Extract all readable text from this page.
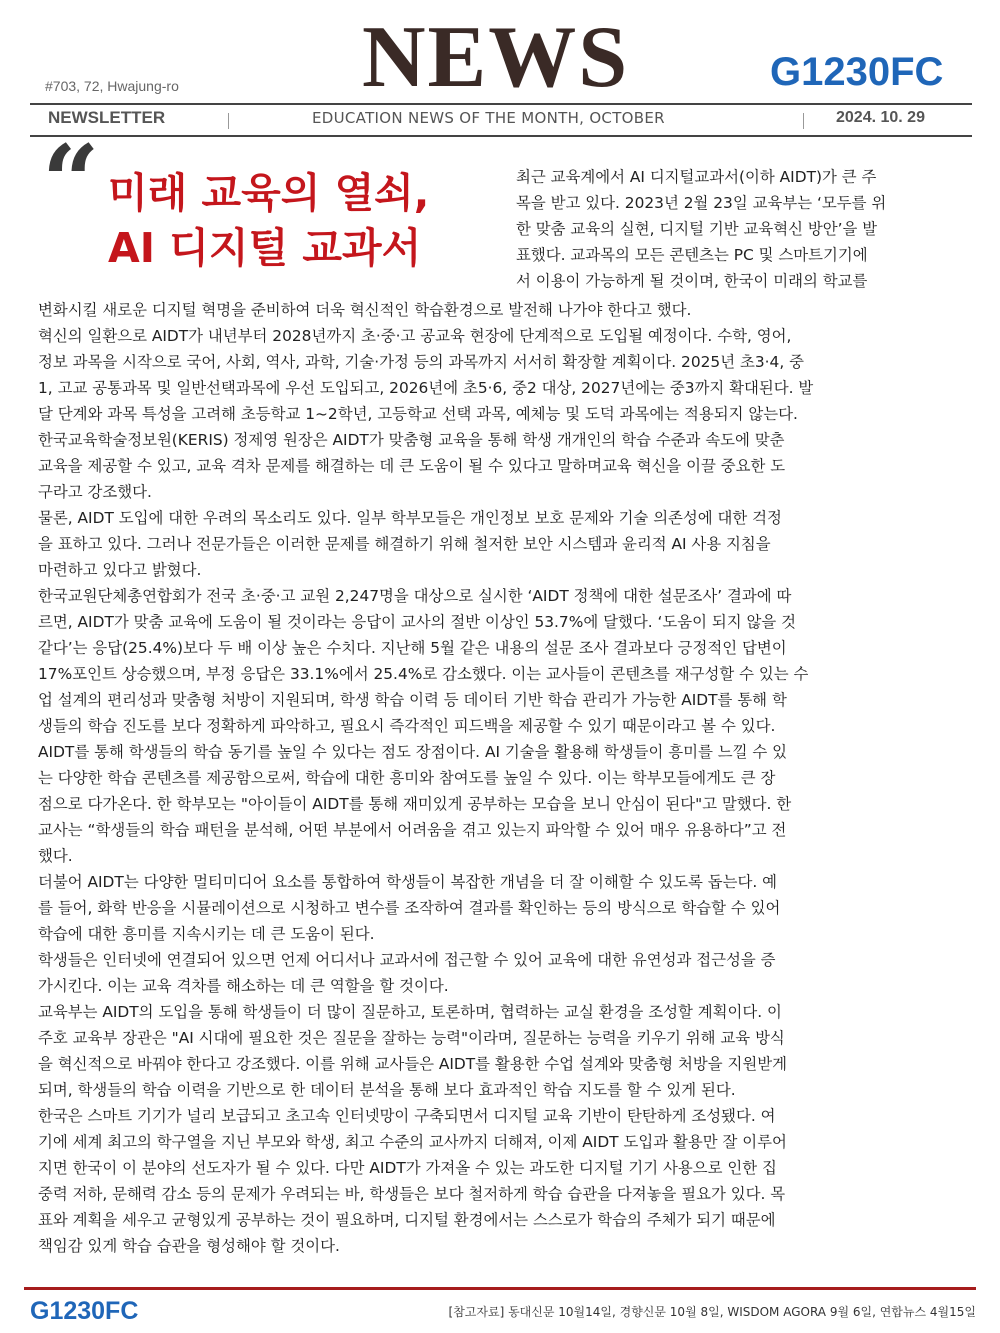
#703, 72, Hwajung-ro NEWS	G1230FC
NEWSLETTER	EDUCATION NEWS OF THE MONTH, OCTOBER	2024. 10. 29
“ 미래 교육의 열쇠,
AI 디지털 교과서
최근 교육계에서 AI 디지털교과서(이하 AIDT)가 큰 주
목을 받고 있다. 2023년 2월 23일 교육부는 ‘모두를 위
한 맞춤 교육의 실현, 디지털 기반 교육혁신 방안’을 발
표했다. 교과목의 모든 콘텐츠는 PC 및 스마트기기에
서 이용이 가능하게 될 것이며, 한국이 미래의 학교를
변화시킬 새로운 디지털 혁명을 준비하여 더욱 혁신적인 학습환경으로 발전해 나가야 한다고 했다.
혁신의 일환으로 AIDT가 내년부터 2028년까지 초·중·고 공교육 현장에 단계적으로 도입될 예정이다. 수학, 영어,
정보 과목을 시작으로 국어, 사회, 역사, 과학, 기술·가정 등의 과목까지 서서히 확장할 계획이다. 2025년 초3·4, 중
1, 고교 공통과목 및 일반선택과목에 우선 도입되고, 2026년에 초5·6, 중2 대상, 2027년에는 중3까지 확대된다. 발
달 단계와 과목 특성을 고려해 초등학교 1~2학년, 고등학교 선택 과목, 예체능 및 도덕 과목에는 적용되지 않는다.
한국교육학술정보원(KERIS) 정제영 원장은 AIDT가 맞춤형 교육을 통해 학생 개개인의 학습 수준과 속도에 맞춘
교육을 제공할 수 있고, 교육 격차 문제를 해결하는 데 큰 도움이 될 수 있다고 말하며교육 혁신을 이끌 중요한 도
구라고 강조했다.
물론, AIDT 도입에 대한 우려의 목소리도 있다. 일부 학부모들은 개인정보 보호 문제와 기술 의존성에 대한 걱정
을 표하고 있다. 그러나 전문가들은 이러한 문제를 해결하기 위해 철저한 보안 시스템과 윤리적 AI 사용 지침을
마련하고 있다고 밝혔다.
한국교원단체총연합회가 전국 초·중·고 교원 2,247명을 대상으로 실시한 ‘AIDT 정책에 대한 설문조사’ 결과에 따
르면, AIDT가 맞춤 교육에 도움이 될 것이라는 응답이 교사의 절반 이상인 53.7%에 달했다. ‘도움이 되지 않을 것
같다’는 응답(25.4%)보다 두 배 이상 높은 수치다. 지난해 5월 같은 내용의 설문 조사 결과보다 긍정적인 답변이
17%포인트 상승했으며, 부정 응답은 33.1%에서 25.4%로 감소했다. 이는 교사들이 콘텐츠를 재구성할 수 있는 수
업 설계의 편리성과 맞춤형 처방이 지원되며, 학생 학습 이력 등 데이터 기반 학습 관리가 가능한 AIDT를 통해 학
생들의 학습 진도를 보다 정확하게 파악하고, 필요시 즉각적인 피드백을 제공할 수 있기 때문이라고 볼 수 있다.
AIDT를 통해 학생들의 학습 동기를 높일 수 있다는 점도 장점이다. AI 기술을 활용해 학생들이 흥미를 느낄 수 있
는 다양한 학습 콘텐츠를 제공함으로써, 학습에 대한 흥미와 참여도를 높일 수 있다. 이는 학부모들에게도 큰 장
점으로 다가온다. 한 학부모는 "아이들이 AIDT를 통해 재미있게 공부하는 모습을 보니 안심이 된다"고 말했다. 한
교사는 “학생들의 학습 패턴을 분석해, 어떤 부분에서 어려움을 겪고 있는지 파악할 수 있어 매우 유용하다”고 전
했다.
더불어 AIDT는 다양한 멀티미디어 요소를 통합하여 학생들이 복잡한 개념을 더 잘 이해할 수 있도록 돕는다. 예
를 들어, 화학 반응을 시뮬레이션으로 시청하고 변수를 조작하여 결과를 확인하는 등의 방식으로 학습할 수 있어
학습에 대한 흥미를 지속시키는 데 큰 도움이 된다.
학생들은 인터넷에 연결되어 있으면 언제 어디서나 교과서에 접근할 수 있어 교육에 대한 유연성과 접근성을 증
가시킨다. 이는 교육 격차를 해소하는 데 큰 역할을 할 것이다.
교육부는 AIDT의 도입을 통해 학생들이 더 많이 질문하고, 토론하며, 협력하는 교실 환경을 조성할 계획이다. 이
주호 교육부 장관은 "AI 시대에 필요한 것은 질문을 잘하는 능력"이라며, 질문하는 능력을 키우기 위해 교육 방식
을 혁신적으로 바꿔야 한다고 강조했다. 이를 위해 교사들은 AIDT를 활용한 수업 설계와 맞춤형 처방을 지원받게
되며, 학생들의 학습 이력을 기반으로 한 데이터 분석을 통해 보다 효과적인 학습 지도를 할 수 있게 된다.
한국은 스마트 기기가 널리 보급되고 초고속 인터넷망이 구축되면서 디지털 교육 기반이 탄탄하게 조성됐다. 여
기에 세계 최고의 학구열을 지닌 부모와 학생, 최고 수준의 교사까지 더해져, 이제 AIDT 도입과 활용만 잘 이루어
지면 한국이 이 분야의 선도자가 될 수 있다. 다만 AIDT가 가져올 수 있는 과도한 디지털 기기 사용으로 인한 집
중력 저하, 문해력 감소 등의 문제가 우려되는 바, 학생들은 보다 철저하게 학습 습관을 다져놓을 필요가 있다. 목
표와 계획을 세우고 균형있게 공부하는 것이 필요하며, 디지털 환경에서는 스스로가 학습의 주체가 되기 때문에
책임감 있게 학습 습관을 형성해야 할 것이다.
G1230FC	[참고자료] 동대신문 10월14일, 경향신문 10월 8일, WISDOM AGORA 9월 6일, 연합뉴스 4월15일
